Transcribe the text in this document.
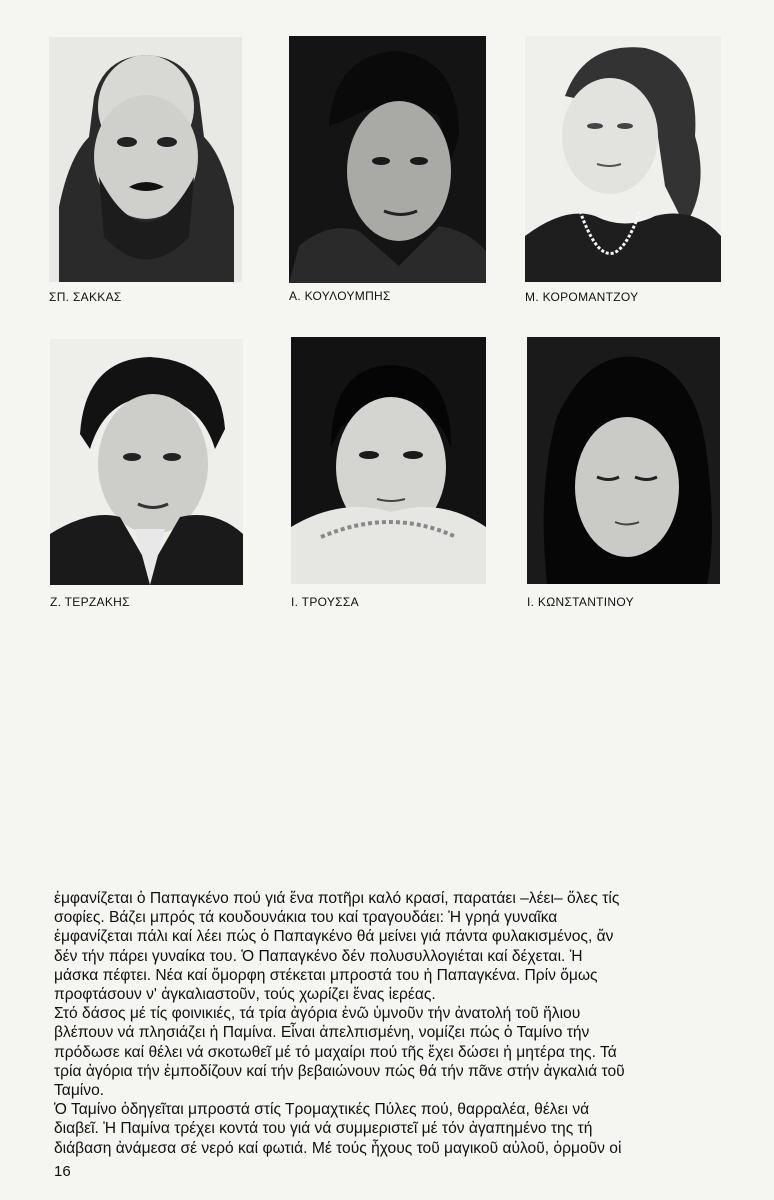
ΣΠ. ΣΑΚΚΑΣ	Α. ΚΟΥΛΟΥΜΠΗΣ	Μ. ΚΟΡΟΜΑΝΤΖΟΥ
Ζ. ΤΕΡΖΑΚΗΣ	Ι. ΤΡΟΥΣΣΑ	Ι. ΚΩΝΣΤΑΝΤΙΝΟΥ
ἐμφανίζεται ὁ Παπαγκένο πού γιά ἕνα ποτῆρι καλό κρασί, παρατάει –λέει– ὅλες τίς
σοφίες. Βάζει μπρός τά κουδουνάκια του καί τραγουδάει: Ἡ γρηά γυναῖκα
ἐμφανίζεται πάλι καί λέει πώς ὁ Παπαγκένο θά μείνει γιά πάντα φυλακισμένος, ἄν
δέν τήν πάρει γυναίκα του. Ὁ Παπαγκένο δέν πολυσυλλογιέται καί δέχεται. Ἡ
μάσκα πέφτει. Νέα καί ὄμορφη στέκεται μπροστά του ἡ Παπαγκένα. Πρίν ὅμως
προφτάσουν ν' ἀγκαλιαστοῦν, τούς χωρίζει ἕνας ἱερέας.
Στό δάσος μέ τίς φοινικιές, τά τρία ἀγόρια ἐνῶ ὑμνοῦν τήν ἀνατολή τοῦ ἥλιου
βλέπουν νά πλησιάζει ἡ Παμίνα. Εἶναι ἀπελπισμένη, νομίζει πώς ὁ Ταμίνο τήν
πρόδωσε καί θέλει νά σκοτωθεῖ μέ τό μαχαίρι πού τῆς ἔχει δώσει ἡ μητέρα της. Τά
τρία ἀγόρια τήν ἐμποδίζουν καί τήν βεβαιώνουν πώς θά τήν πᾶνε στήν ἀγκαλιά τοῦ
Ταμίνο.
Ὁ Ταμίνο ὁδηγεῖται μπροστά στίς Τρομαχτικές Πύλες πού, θαρραλέα, θέλει νά
διαβεῖ. Ἡ Παμίνα τρέχει κοντά του γιά νά συμμεριστεῖ μέ τόν ἀγαπημένο της τή
διάβαση ἀνάμεσα σέ νερό καί φωτιά. Μέ τούς ἦχους τοῦ μαγικοῦ αὐλοῦ, ὁρμοῦν οἱ
16
